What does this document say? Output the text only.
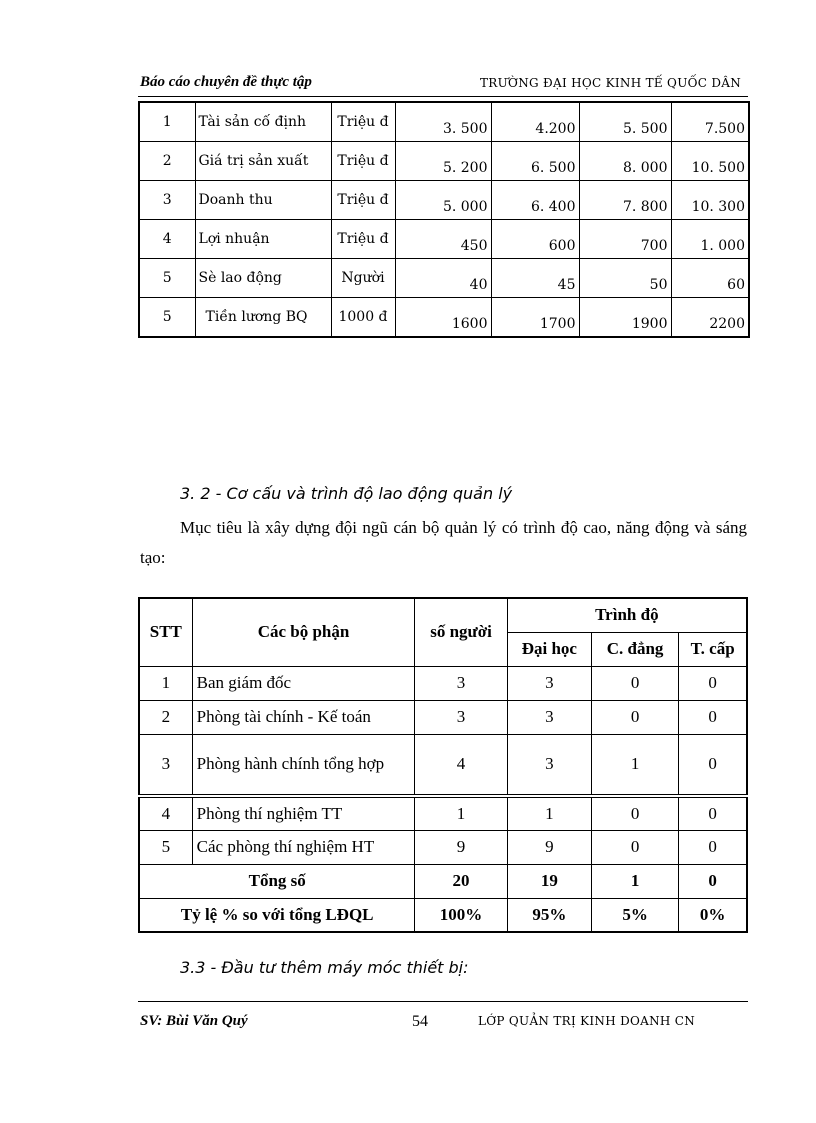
Báo cáo chuyên đề thực tập	TRƯỜNG ĐẠI HỌC KINH TẾ QUỐC DÂN
1	Tài sản cố định	Triệu đ	3. 500	4.200	5. 500	7.500
2	Giá trị sản xuất	Triệu đ	5. 200	6. 500	8. 000	10. 500
3	Doanh thu	Triệu đ	5. 000	6. 400	7. 800	10. 300
4	Lợi nhuận	Triệu đ	450	600	700	1. 000
5	Sè lao động	Người	40	45	50	60
5	Tiền lương BQ	1000 đ	1600	1700	1900	2200
3. 2 - Cơ cấu và trình độ lao động quản lý
Mục tiêu là xây dựng đội ngũ cán bộ quản lý có trình độ cao, năng động và sáng tạo:
STT	Các bộ phận	số người	Trình độ		
			Đại học	C. đẳng	T. cấp
1	Ban giám đốc	3	3	0	0
2	Phòng tài chính - Kế toán	3	3	0	0
3	Phòng hành chính tổng hợp	4	3	1	0
4	Phòng thí nghiệm TT	1	1	0	0
5	Các phòng thí nghiệm HT	9	9	0	0
Tổng số		20	19	1	0
Tỷ lệ % so với tổng LĐQL		100%	95%	5%	0%
3.3 - Đầu tư thêm máy móc thiết bị:
SV: Bùi Văn Quý	54	LỚP QUẢN TRỊ KINH DOANH CN
